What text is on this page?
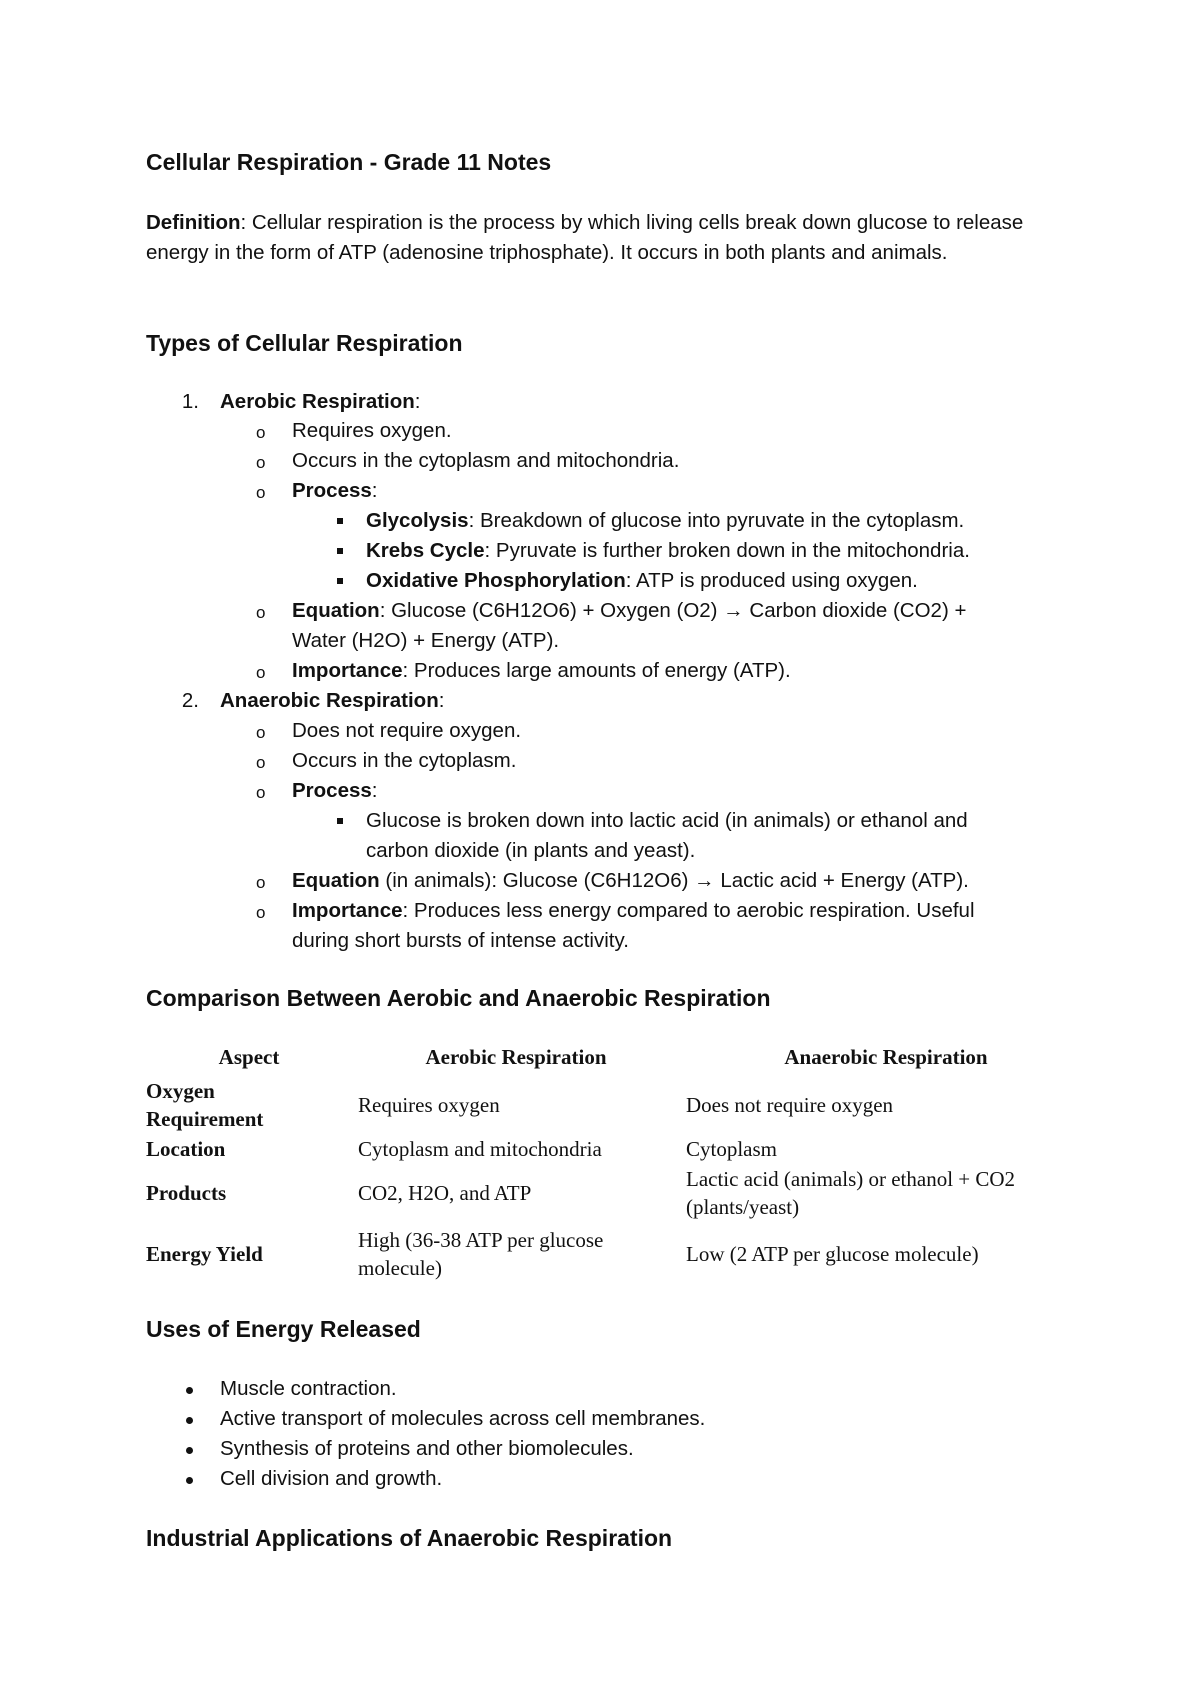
Cellular Respiration - Grade 11 Notes
Definition: Cellular respiration is the process by which living cells break down glucose to release energy in the form of ATP (adenosine triphosphate). It occurs in both plants and animals.
Types of Cellular Respiration
1. Aerobic Respiration:
o Requires oxygen.
o Occurs in the cytoplasm and mitochondria.
o Process:
Glycolysis: Breakdown of glucose into pyruvate in the cytoplasm.
Krebs Cycle: Pyruvate is further broken down in the mitochondria.
Oxidative Phosphorylation: ATP is produced using oxygen.
o Equation: Glucose (C6H12O6) + Oxygen (O2) → Carbon dioxide (CO2) +
Water (H2O) + Energy (ATP).
o Importance: Produces large amounts of energy (ATP).
2. Anaerobic Respiration:
o Does not require oxygen.
o Occurs in the cytoplasm.
o Process:
Glucose is broken down into lactic acid (in animals) or ethanol and
carbon dioxide (in plants and yeast).
o Equation (in animals): Glucose (C6H12O6) → Lactic acid + Energy (ATP).
o Importance: Produces less energy compared to aerobic respiration. Useful
during short bursts of intense activity.
Comparison Between Aerobic and Anaerobic Respiration
Aspect	Aerobic Respiration	Anaerobic Respiration
Oxygen
Requirement	Requires oxygen	Does not require oxygen
Location	Cytoplasm and mitochondria	Cytoplasm
Products	CO2, H2O, and ATP	Lactic acid (animals) or ethanol + CO2
(plants/yeast)
Energy Yield	High (36-38 ATP per glucose
molecule)	Low (2 ATP per glucose molecule)
Uses of Energy Released
Muscle contraction.
Active transport of molecules across cell membranes.
Synthesis of proteins and other biomolecules.
Cell division and growth.
Industrial Applications of Anaerobic Respiration
